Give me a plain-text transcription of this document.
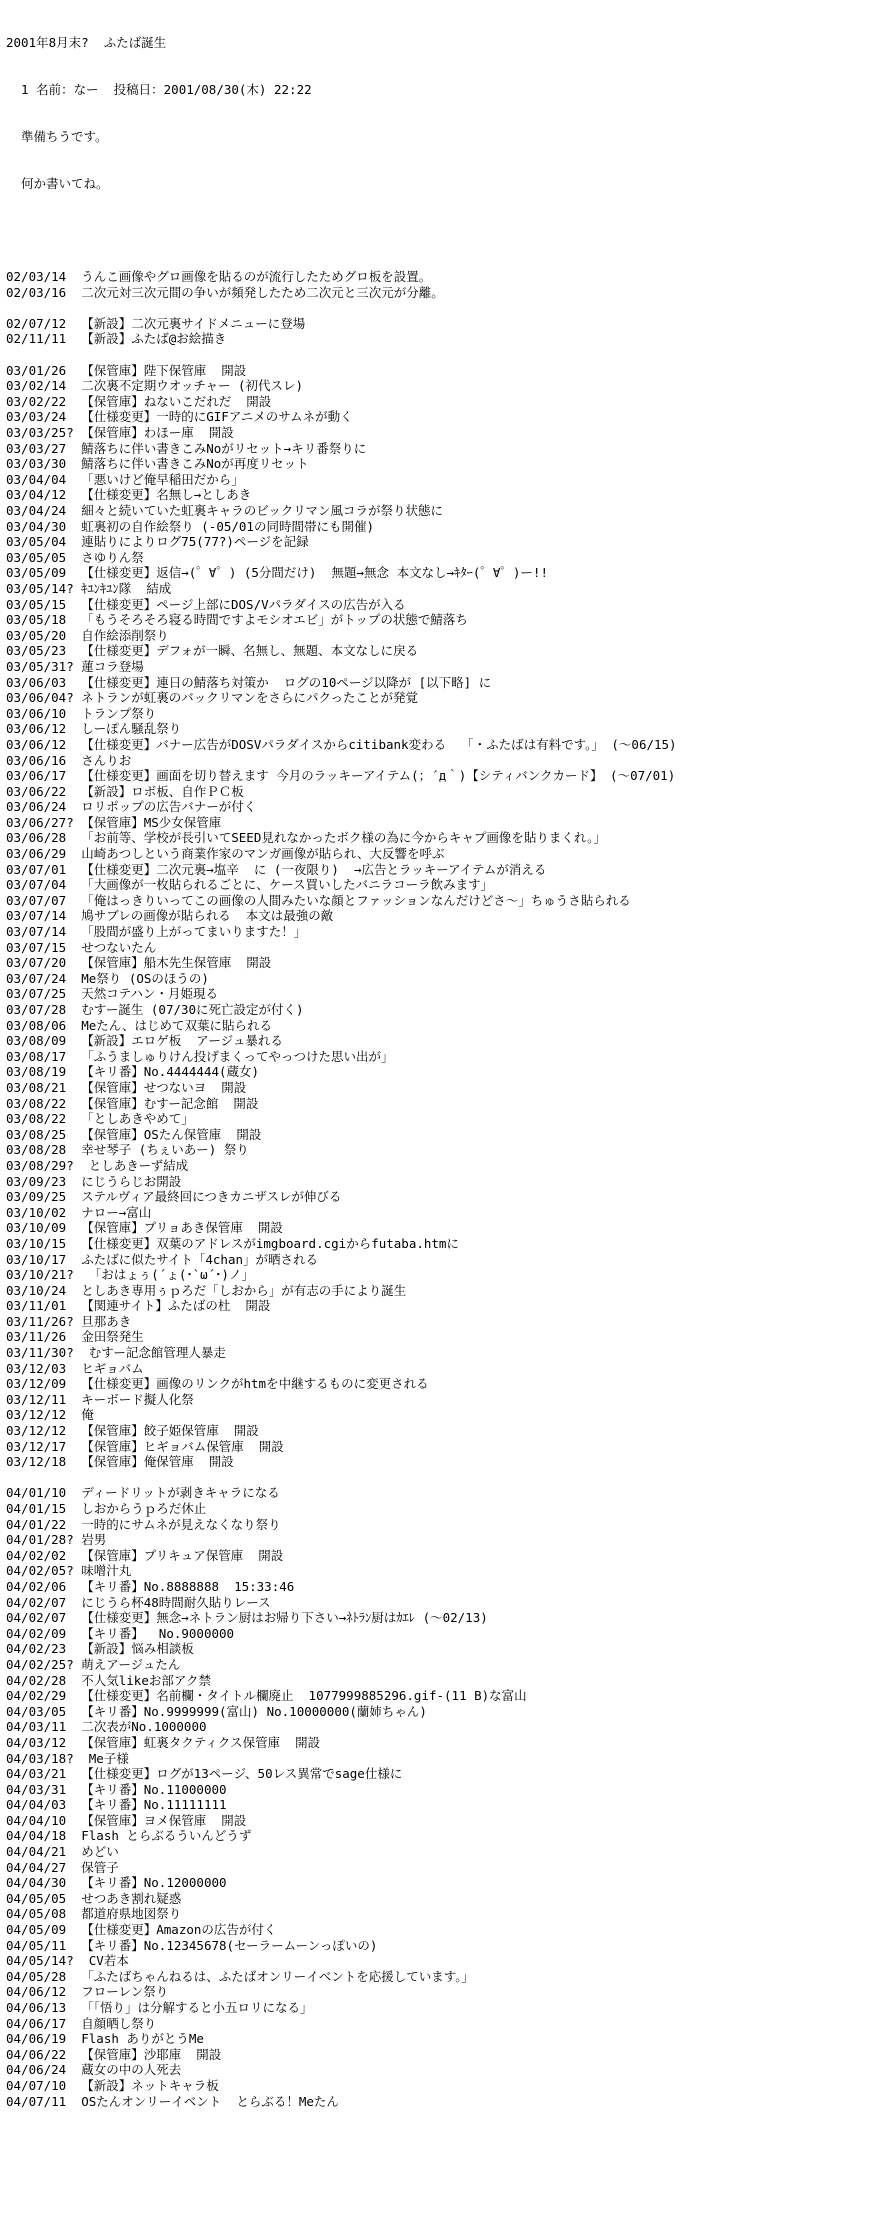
2001年8月末?  ふたば誕生

1 名前：なー  投稿日：2001/08/30(木) 22:22

準備ちうです。

何か書いてね。

02/03/14  うんこ画像やグロ画像を貼るのが流行したためグロ板を設置。
02/03/16  二次元対三次元間の争いが頻発したため二次元と三次元が分離。
02/07/12  【新設】二次元裏サイドメニューに登場
02/11/11  【新設】ふたば@お絵描き
03/01/26  【保管庫】陛下保管庫  開設
03/02/14  二次裏不定期ウオッチャー (初代スレ)
03/02/22  【保管庫】ねないこだれだ  開設
03/03/24  【仕様変更】一時的にGIFアニメのサムネが動く
03/03/25? 【保管庫】わほー庫  開設
03/03/27  鯖落ちに伴い書きこみNoがリセット→キリ番祭りに
03/03/30  鯖落ちに伴い書きこみNoが再度リセット
03/04/04  「悪いけど俺早稲田だから」
03/04/12  【仕様変更】名無し→としあき
03/04/24  細々と続いていた虹裏キャラのビックリマン風コラが祭り状態に
03/04/30  虹裏初の自作絵祭り (-05/01の同時間帯にも開催)
03/05/04  連貼りによりログ75(77?)ページを記録
03/05/05  さゆりん祭
03/05/09  【仕様変更】返信→(゜∀゜) (5分間だけ)  無題→無念 本文なし→ｷﾀｰ(゜∀゜)ー!!
03/05/14? ｷﾕﾝｷﾕﾝ隊  結成
03/05/15  【仕様変更】ページ上部にDOS/Vパラダイスの広告が入る
03/05/18  「もうそろそろ寝る時間ですよモシオエビ」がトップの状態で鯖落ち
03/05/20  自作絵添削祭り
03/05/23  【仕様変更】デフォが一瞬、名無し、無題、本文なしに戻る
03/05/31? 蓮コラ登場
03/06/03  【仕様変更】連日の鯖落ち対策か  ログの10ページ以降が [以下略] に
03/06/04? ネトランが虹裏のバックリマンをさらにパクったことが発覚
03/06/10  トランプ祭り
03/06/12  しーぽん騒乱祭り
03/06/12  【仕様変更】バナー広告がDOSVパラダイスからcitibank変わる  「・ふたばは有料です。」 (〜06/15)
03/06/16  さんりお
03/06/17  【仕様変更】画面を切り替えます 今月のラッキーアイテム(；´д｀)【シティバンクカード】 (〜07/01)
03/06/22  【新設】ロボ板、自作ＰＣ板
03/06/24  ロリポップの広告バナーが付く
03/06/27? 【保管庫】MS少女保管庫
03/06/28  「お前等、学校が長引いてSEED見れなかったボク様の為に今からキャプ画像を貼りまくれ。」
03/06/29  山崎あつしという商業作家のマンガ画像が貼られ、大反響を呼ぶ
03/07/01  【仕様変更】二次元裏→塩辛  に (一夜限り)  →広告とラッキーアイテムが消える
03/07/04  「大画像が一枚貼られるごとに、ケース買いしたバニラコーラ飲みます」
03/07/07  「俺はっきりいってこの画像の人間みたいな顔とファッションなんだけどさ〜」ちゅうさ貼られる
03/07/14  鳩サブレの画像が貼られる  本文は最強の敵
03/07/14  「股間が盛り上がってまいりますた！」
03/07/15  せつないたん
03/07/20  【保管庫】船木先生保管庫  開設
03/07/24  Me祭り (OSのほうの)
03/07/25  天然コテハン・月姫現る
03/07/28  むすー誕生 (07/30に死亡設定が付く)
03/08/06  Meたん、はじめて双葉に貼られる
03/08/09  【新設】エロゲ板  アージュ暴れる
03/08/17  「ふうましゅりけん投げまくってやっつけた思い出が」
03/08/19  【キリ番】No.4444444(蔵女)
03/08/21  【保管庫】せつないヨ  開設
03/08/22  【保管庫】むすー記念館  開設
03/08/22  「としあきやめて」
03/08/25  【保管庫】OSたん保管庫  開設
03/08/28  幸せ琴子 (ちぇいあー) 祭り
03/08/29?  としあきーず結成
03/09/23  にじうらじお開設
03/09/25  ステルヴィア最終回につきカニザスレが伸びる
03/10/02  ナロー→富山
03/10/09  【保管庫】プリョあき保管庫  開設
03/10/15  【仕様変更】双葉のアドレスがimgboard.cgiからfutaba.htmに
03/10/17  ふたばに似たサイト「4chan」が晒される
03/10/21?  「おはょぅ(´ょ(･`ω´･)ノ」
03/10/24  としあき専用ぅｐろだ「しおから」が有志の手により誕生
03/11/01  【関連サイト】ふたばの杜  開設
03/11/26? 旦那あき
03/11/26  金田祭発生
03/11/30?  むすー記念館管理人暴走
03/12/03  ヒギョバム
03/12/09  【仕様変更】画像のリンクがhtmを中継するものに変更される
03/12/11  キーボード擬人化祭
03/12/12  俺
03/12/12  【保管庫】餃子姫保管庫  開設
03/12/17  【保管庫】ヒギョバム保管庫  開設
03/12/18  【保管庫】俺保管庫  開設
04/01/10  ディードリットが剥きキャラになる
04/01/15  しおからうｐろだ休止
04/01/22  一時的にサムネが見えなくなり祭り
04/01/28? 岩男
04/02/02  【保管庫】プリキュア保管庫  開設
04/02/05? 味噌汁丸
04/02/06  【キリ番】No.8888888  15:33:46
04/02/07  にじうら杯48時間耐久貼りレース
04/02/07  【仕様変更】無念→ネトラン厨はお帰り下さい→ﾈﾄﾗﾝ厨はｶｴﾚ (〜02/13)
04/02/09  【キリ番】  No.9000000
04/02/23  【新設】悩み相談板
04/02/25? 萌えアージュたん
04/02/28  不人気likeお部アク禁
04/02/29  【仕様変更】名前欄・タイトル欄廃止  1077999885296.gif-(11 B)な富山
04/03/05  【キリ番】No.9999999(富山) No.10000000(蘭姉ちゃん)
04/03/11  二次表がNo.1000000
04/03/12  【保管庫】虹裏タクティクス保管庫  開設
04/03/18?  Me子様
04/03/21  【仕様変更】ログが13ページ、50レス異常でsage仕様に
04/03/31  【キリ番】No.11000000
04/04/03  【キリ番】No.11111111
04/04/10  【保管庫】ヨメ保管庫  開設
04/04/18  Flash とらぶるういんどうず
04/04/21  めどい
04/04/27  保管子
04/04/30  【キリ番】No.12000000
04/05/05  せつあき割れ疑惑
04/05/08  都道府県地図祭り
04/05/09  【仕様変更】Amazonの広告が付く
04/05/11  【キリ番】No.12345678(セーラームーンっぽいの)
04/05/14?  CV若本
04/05/28  「ふたばちゃんねるは、ふたばオンリーイベントを応援しています。」
04/06/12  フローレン祭り
04/06/13  「「悟り」は分解すると小五ロリになる」
04/06/17  自顔晒し祭り
04/06/19  Flash ありがとうMe
04/06/22  【保管庫】沙耶庫  開設
04/06/24  蔵女の中の人死去
04/07/10  【新設】ネットキャラ板
04/07/11  OSたんオンリーイベント  とらぶる！Meたん
